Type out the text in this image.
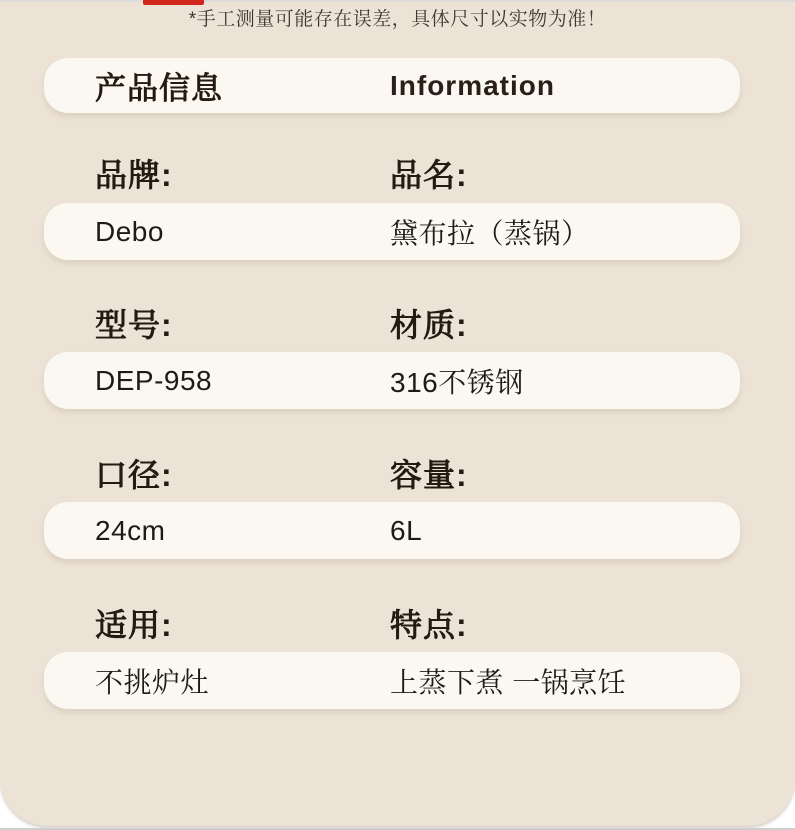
*手工测量可能存在误差，具体尺寸以实物为准！
产品信息	Information
品牌:	品名:
Debo	黛布拉（蒸锅）
型号:	材质:
DEP-958	316不锈钢
口径:	容量:
24cm	6L
适用:	特点:
不挑炉灶	上蒸下煮 一锅烹饪
